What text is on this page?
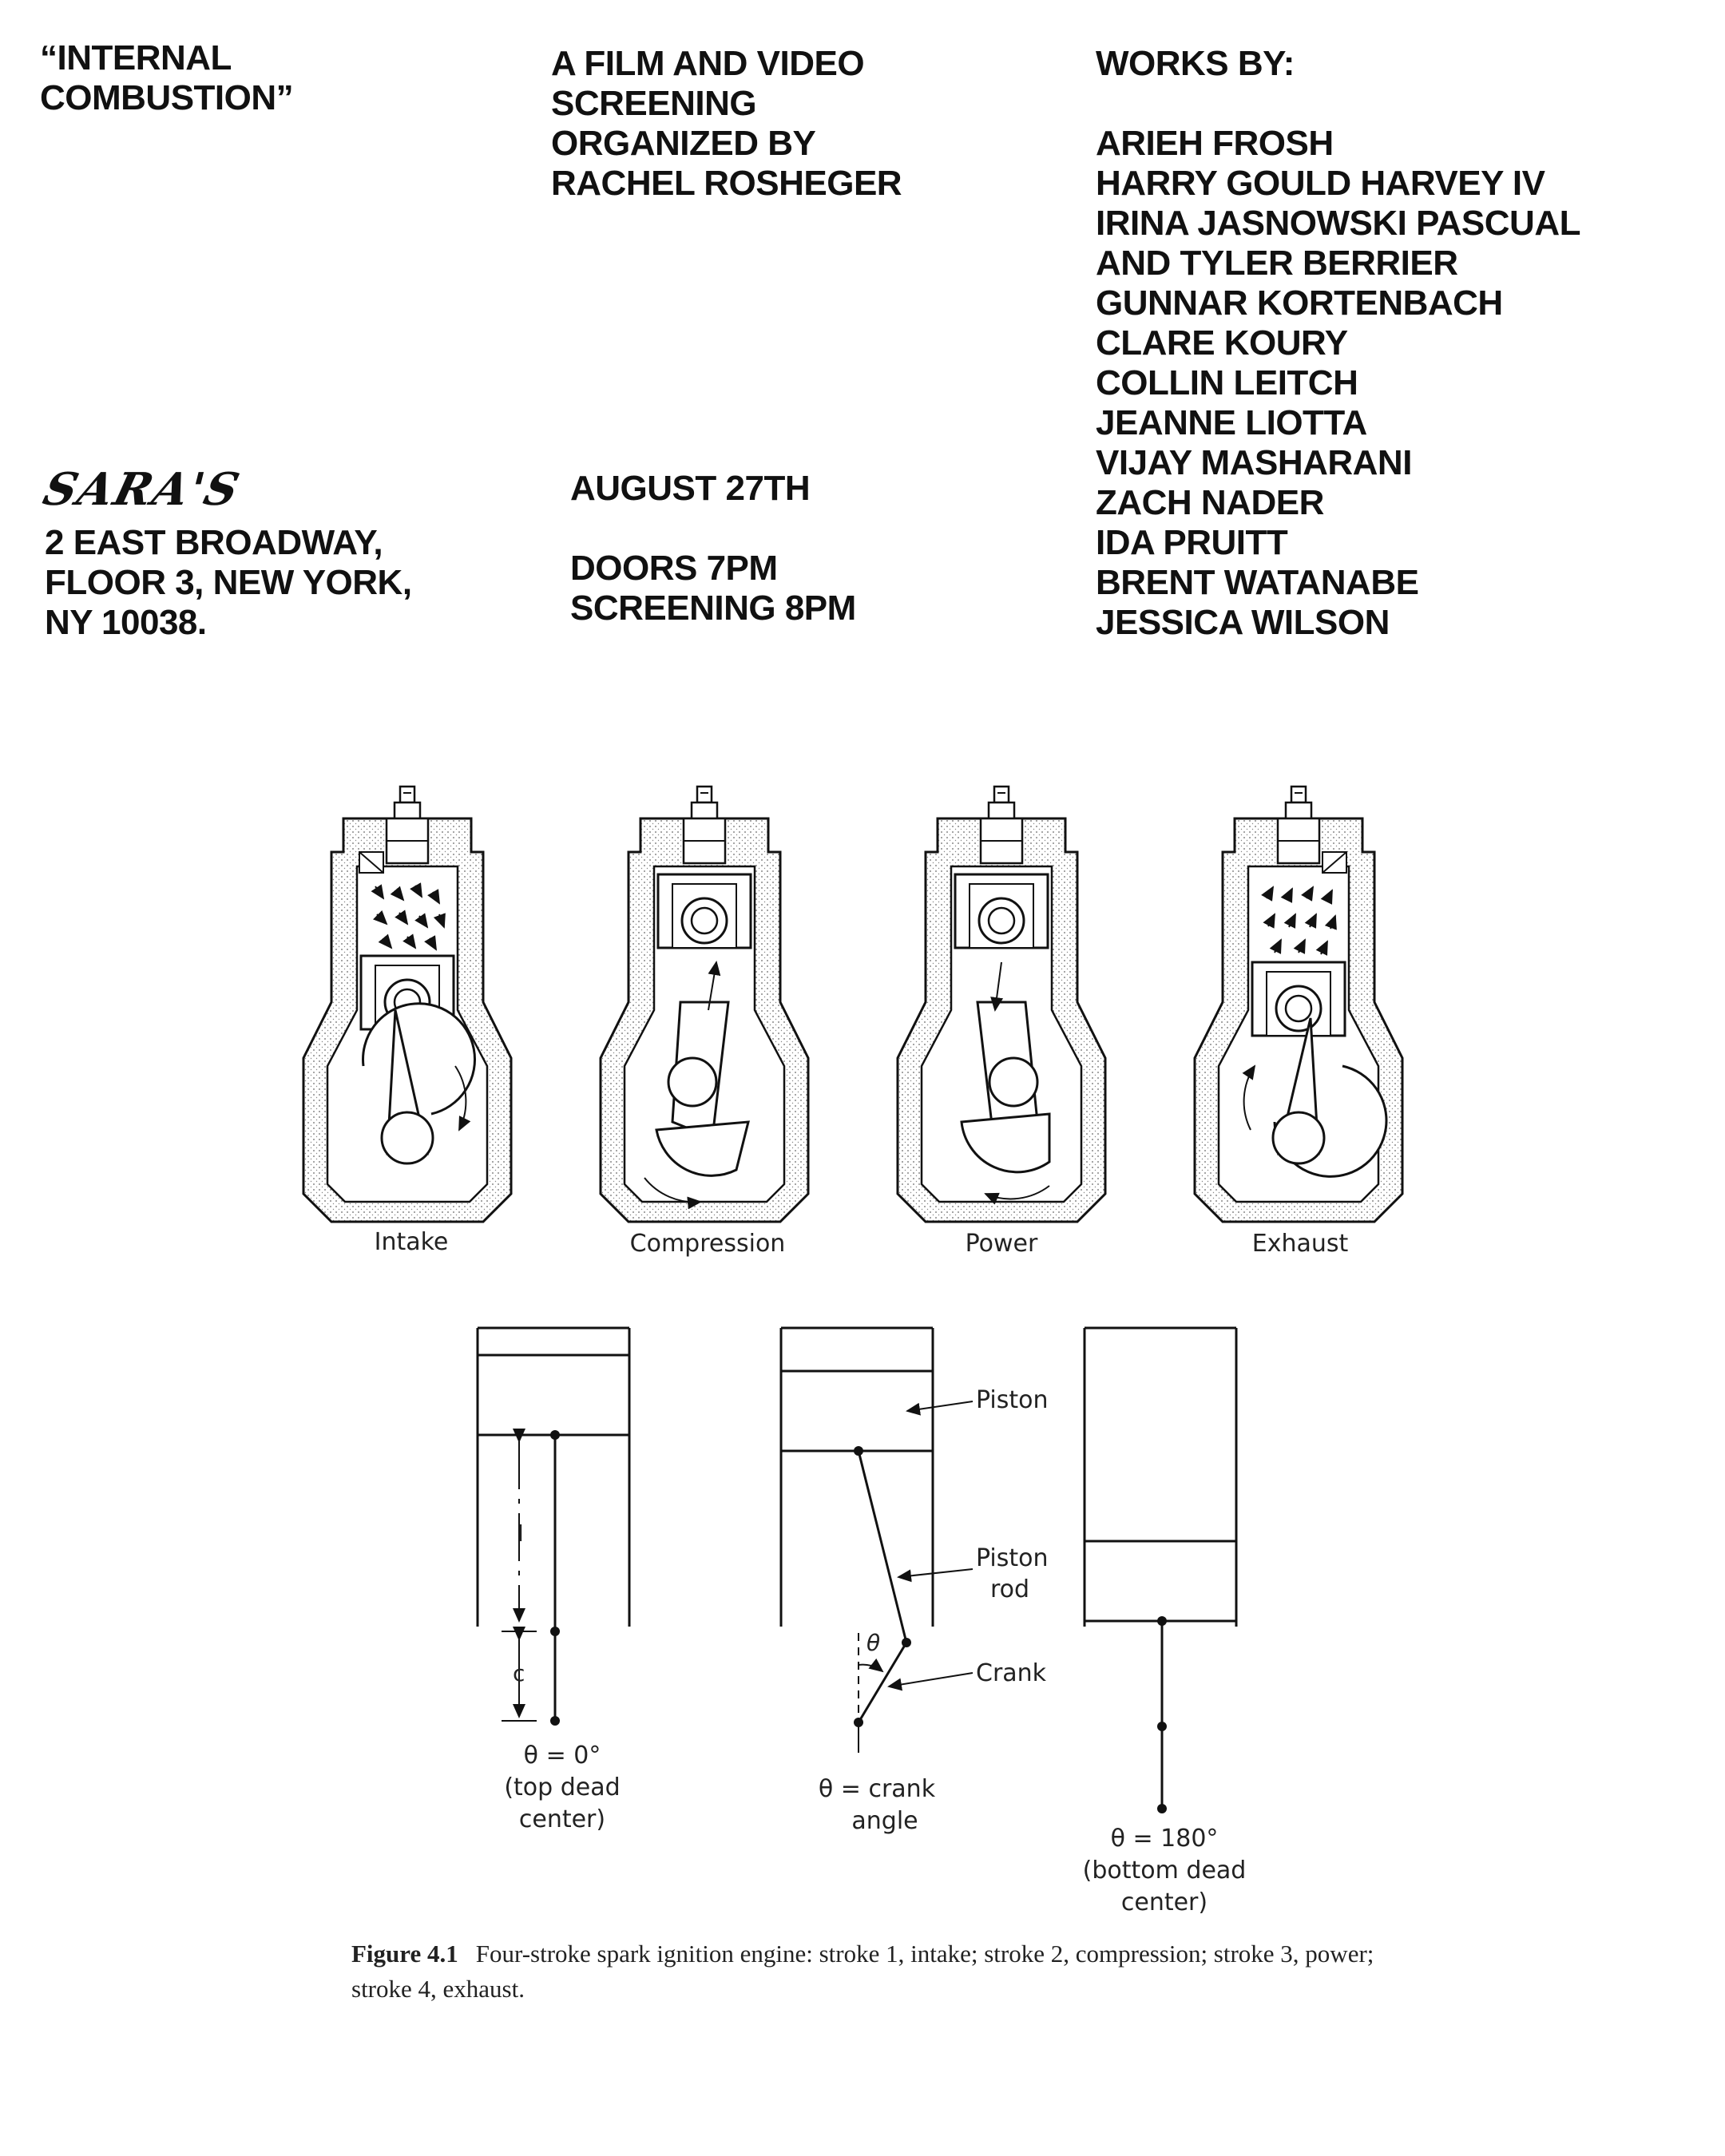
“INTERNAL
COMBUSTION”
A FILM AND VIDEO
SCREENING
ORGANIZED BY
RACHEL ROSHEGER
WORKS BY:
ARIEH FROSH
HARRY GOULD HARVEY IV
IRINA JASNOWSKI PASCUAL
AND TYLER BERRIER
GUNNAR KORTENBACH
CLARE KOURY
COLLIN LEITCH
JEANNE LIOTTA
VIJAY MASHARANI
ZACH NADER
IDA PRUITT
BRENT WATANABE
JESSICA WILSON
SARA'S
2 EAST BROADWAY,
FLOOR 3, NEW YORK,
NY 10038.
AUGUST 27TH
DOORS 7PM
SCREENING 8PM
Intake	Compression	Power	Exhaust
l
c
θ = 0°
(top dead
center)
θ
Piston
Piston
rod
Crank
θ = crank
angle
θ = 180°
(bottom dead
center)
Figure 4.1 Four-stroke spark ignition engine: stroke 1, intake; stroke 2, compression; stroke 3, power; stroke 4, exhaust.
